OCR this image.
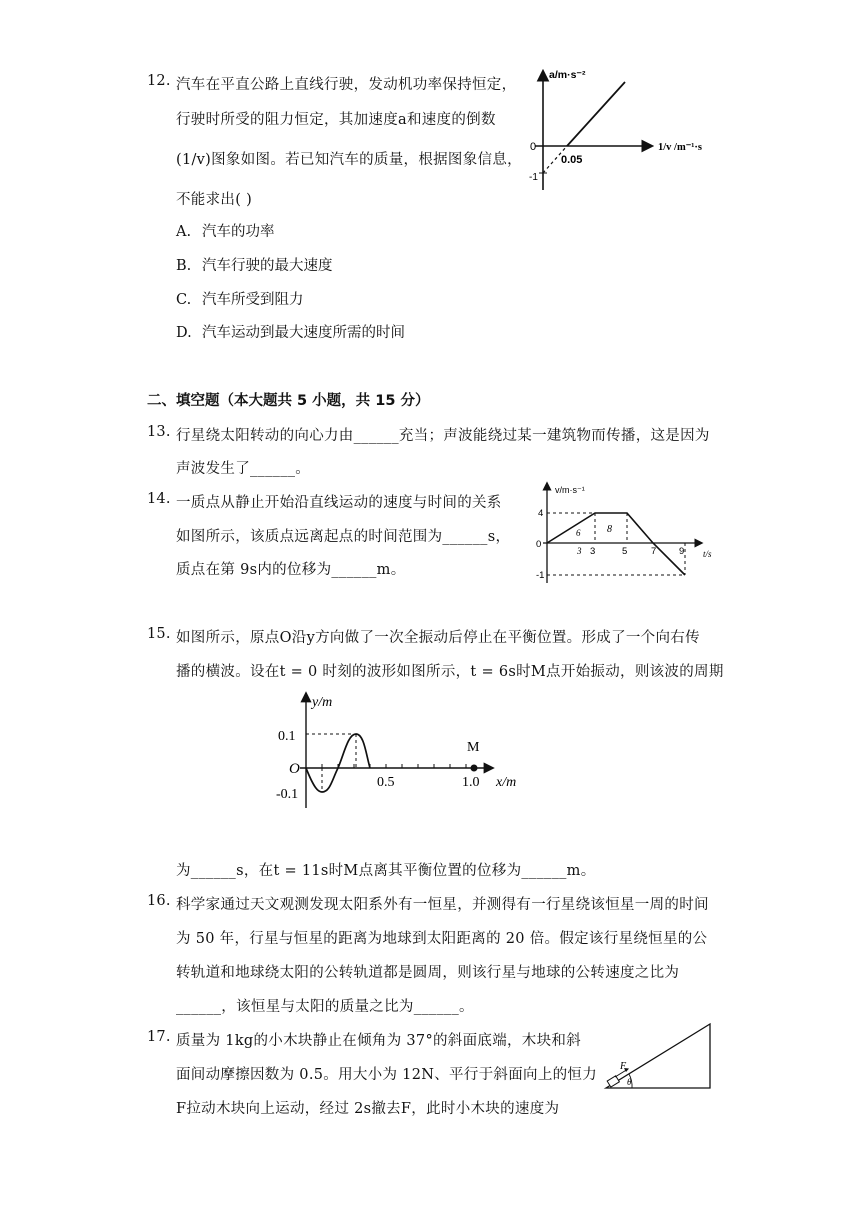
12. 汽车在平直公路上直线行驶，发动机功率保持恒定，
行驶时所受的阻力恒定，其加速度a和速度的倒数
(1/v)图象如图。若已知汽车的质量，根据图象信息，
不能求出( )
A. 汽车的功率
B. 汽车行驶的最大速度
C. 汽车所受到阻力
D. 汽车运动到最大速度所需的时间
a/m·s⁻²
0
-1
0.05
1/v /m⁻¹·s
二、填空题（本大题共 5 小题，共 15 分）
13. 行星绕太阳转动的向心力由______充当；声波能绕过某一建筑物而传播，这是因为
声波发生了______。
14. 一质点从静止开始沿直线运动的速度与时间的关系
如图所示，该质点远离起点的时间范围为______s，
质点在第 9s内的位移为______m。
v/m·s⁻¹
4
0
-1
3 3	5 7 9 t/s
6	8
15. 如图所示，原点O沿y方向做了一次全振动后停止在平衡位置。形成了一个向右传
播的横波。设在t = 0 时刻的波形如图所示，t = 6s时M点开始振动，则该波的周期
y/m
0.1
O
-0.1
0.5	1.0
M
x/m
为______s，在t = 11s时M点离其平衡位置的位移为______m。
16. 科学家通过天文观测发现太阳系外有一恒星，并测得有一行星绕该恒星一周的时间
为 50 年，行星与恒星的距离为地球到太阳距离的 20 倍。假定该行星绕恒星的公
转轨道和地球绕太阳的公转轨道都是圆周，则该行星与地球的公转速度之比为
______，该恒星与太阳的质量之比为______。
17. 质量为 1kg的小木块静止在倾角为 37°的斜面底端，木块和斜
面间动摩擦因数为 0.5。用大小为 12N、平行于斜面向上的恒力
F拉动木块向上运动，经过 2s撤去F，此时小木块的速度为
F
θ
